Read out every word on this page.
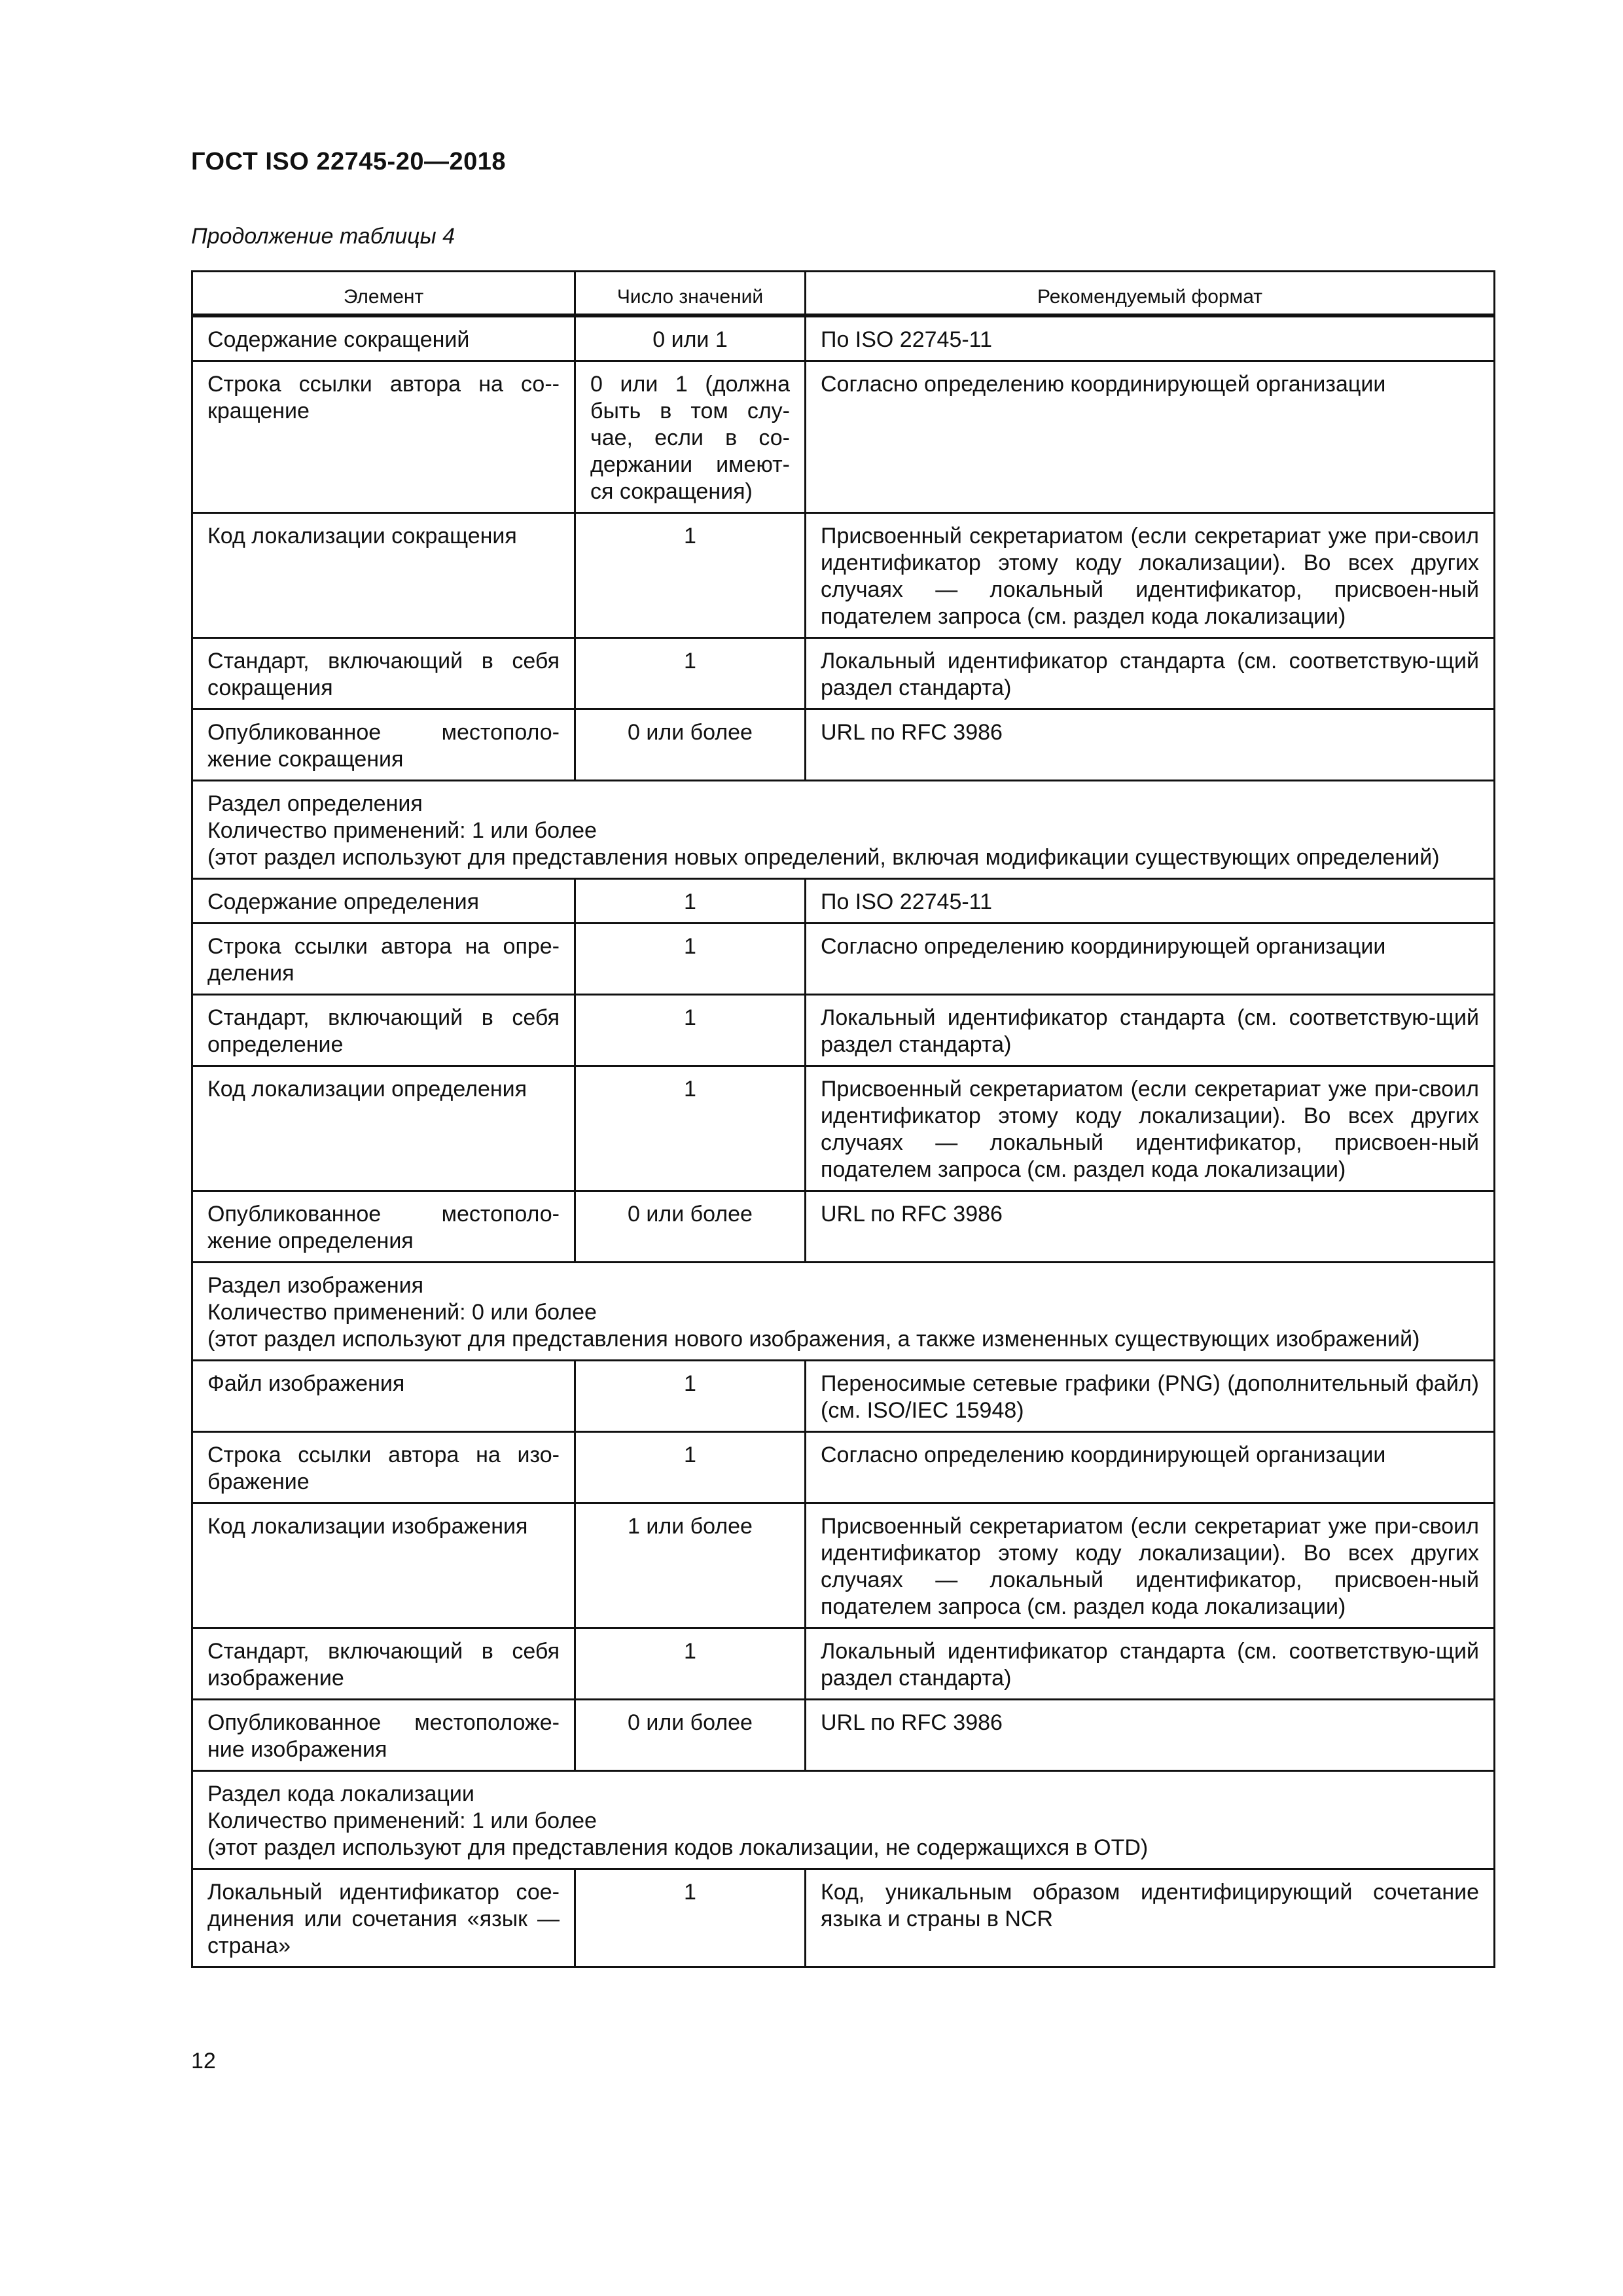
ГОСТ ISO 22745-20—2018
Продолжение таблицы 4
Элемент	Число значений	Рекомендуемый формат
Содержание сокращений	0 или 1	По ISO 22745-11
Строка ссылки автора на со-кращение	0 или 1 (должна быть в том слу-чае, если в со-держании имеют-ся сокращения)	Согласно определению координирующей организации
Код локализации сокращения	1	Присвоенный секретариатом (если секретариат уже при-своил идентификатор этому коду локализации). Во всех других случаях — локальный идентификатор, присвоен-ный подателем запроса (см. раздел кода локализации)
Стандарт, включающий в себя сокращения	1	Локальный идентификатор стандарта (см. соответствую-щий раздел стандарта)
Опубликованное местополо-жение сокращения	0 или более	URL по RFC 3986

Раздел определения
Количество применений: 1 или более
(этот раздел используют для представления новых определений, включая модификации существующих определений)		

Содержание определения	1	По ISO 22745-11
Строка ссылки автора на опре-деления	1	Согласно определению координирующей организации
Стандарт, включающий в себя определение	1	Локальный идентификатор стандарта (см. соответствую-щий раздел стандарта)
Код локализации определения	1	Присвоенный секретариатом (если секретариат уже при-своил идентификатор этому коду локализации). Во всех других случаях — локальный идентификатор, присвоен-ный подателем запроса (см. раздел кода локализации)
Опубликованное местополо-жение определения	0 или более	URL по RFC 3986

Раздел изображения
Количество применений: 0 или более
(этот раздел используют для представления нового изображения, а также измененных существующих изображений)		

Файл изображения	1	Переносимые сетевые графики (PNG) (дополнительный файл) (см. ISO/IEC 15948)
Строка ссылки автора на изо-бражение	1	Согласно определению координирующей организации
Код локализации изображения	1 или более	Присвоенный секретариатом (если секретариат уже при-своил идентификатор этому коду локализации). Во всех других случаях — локальный идентификатор, присвоен-ный подателем запроса (см. раздел кода локализации)
Стандарт, включающий в себя изображение	1	Локальный идентификатор стандарта (см. соответствую-щий раздел стандарта)
Опубликованное местоположе-ние изображения	0 или более	URL по RFC 3986

Раздел кода локализации
Количество применений: 1 или более
(этот раздел используют для представления кодов локализации, не содержащихся в OTD)		

Локальный идентификатор сое-динения или сочетания «язык — страна»	1	Код, уникальным образом идентифицирующий сочетание языка и страны в NCR
12
